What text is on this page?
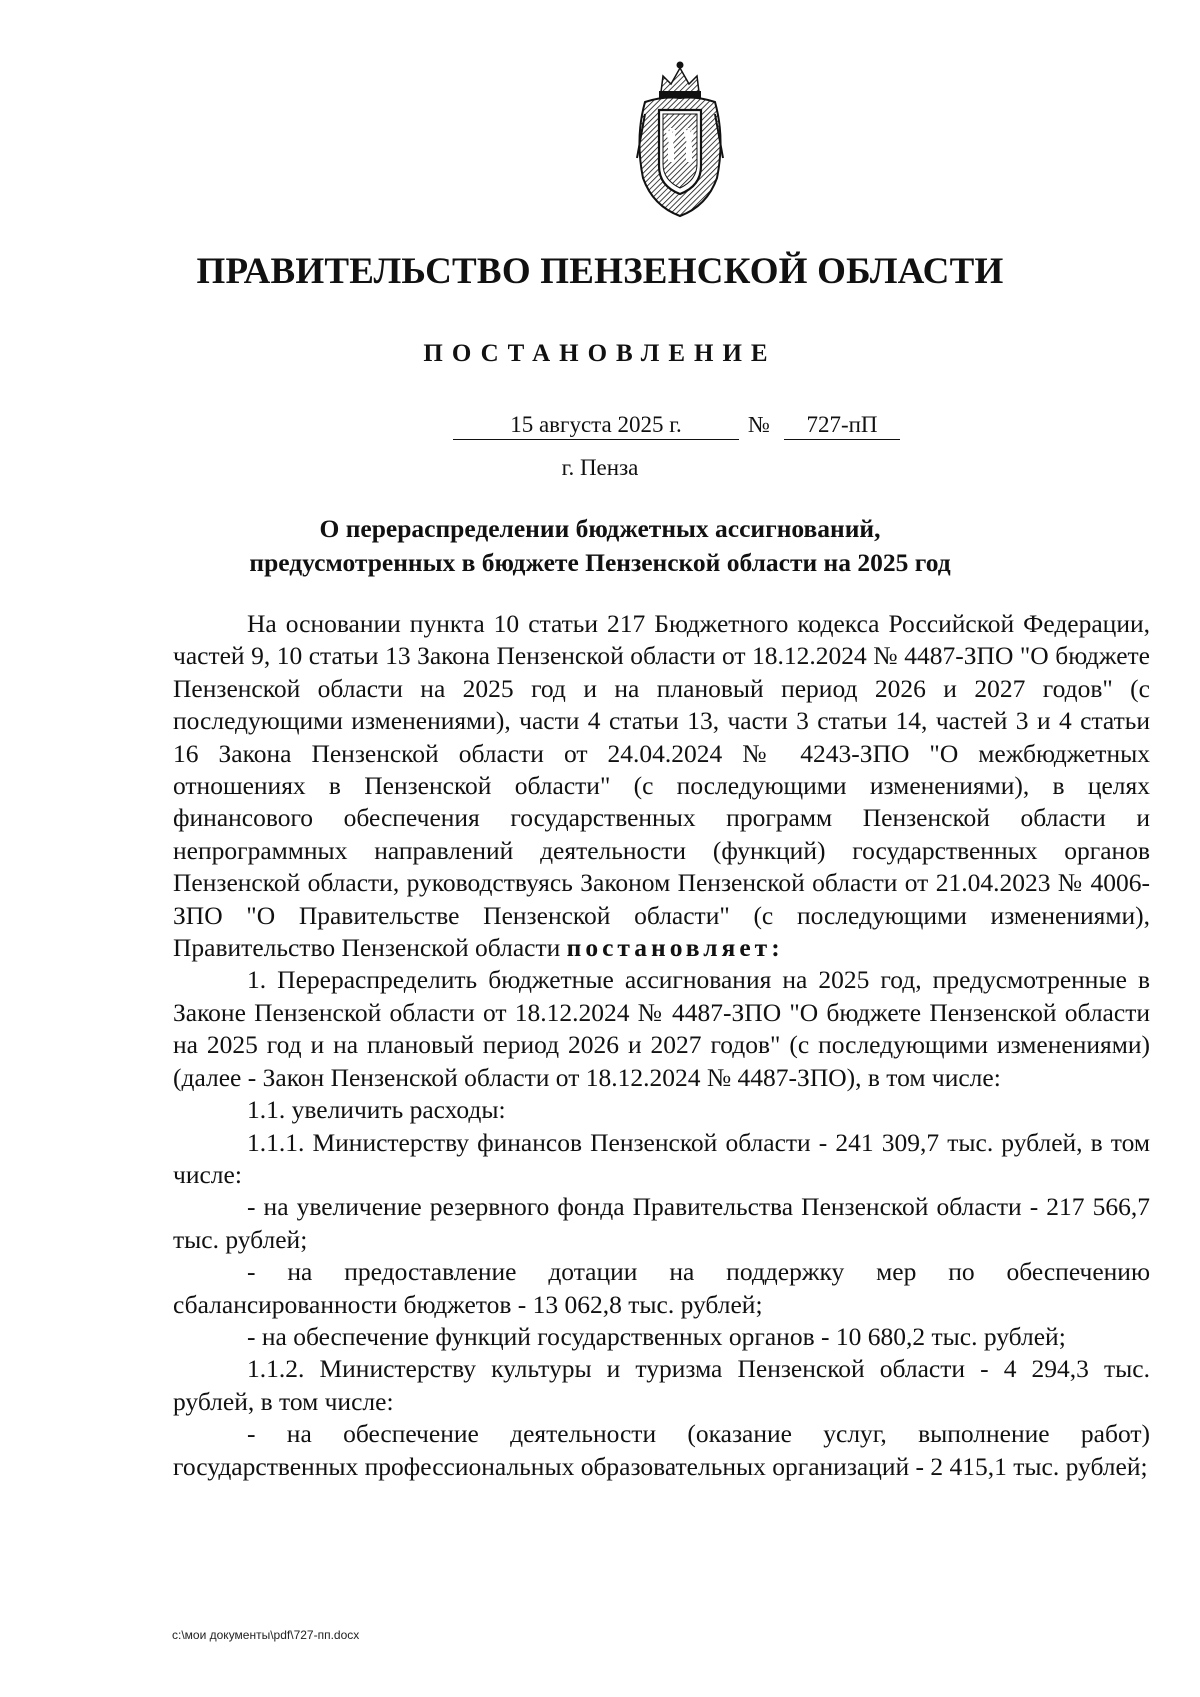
ПРАВИТЕЛЬСТВО ПЕНЗЕНСКОЙ ОБЛАСТИ
ПОСТАНОВЛЕНИЕ
15 августа 2025 г.	№	727-пП
г. Пенза
О перераспределении бюджетных ассигнований,
предусмотренных в бюджете Пензенской области на 2025 год

На основании пункта 10 статьи 217 Бюджетного кодекса Российской Федерации, частей 9, 10 статьи 13 Закона Пензенской области от 18.12.2024 № 4487-ЗПО "О бюджете Пензенской области на 2025 год и на плановый период 2026 и 2027 годов" (с последующими изменениями), части 4 статьи 13, части 3 статьи 14, частей 3 и 4 статьи 16 Закона Пензенской области от 24.04.2024 № 4243-ЗПО "О межбюджетных отношениях в Пензенской области" (с последующими изменениями), в целях финансового обеспечения государственных программ Пензенской области и непрограммных направлений деятельности (функций) государственных органов Пензенской области, руководствуясь Законом Пензенской области от 21.04.2023 № 4006-ЗПО "О Правительстве Пензенской области" (с последующими изменениями), Правительство Пензенской области постановляет:

1. Перераспределить бюджетные ассигнования на 2025 год, предусмотренные в Законе Пензенской области от 18.12.2024 № 4487-ЗПО "О бюджете Пензенской области на 2025 год и на плановый период 2026 и 2027 годов" (с последующими изменениями) (далее - Закон Пензенской области от 18.12.2024 № 4487-ЗПО), в том числе:

1.1. увеличить расходы:

1.1.1. Министерству финансов Пензенской области - 241 309,7 тыс. рублей, в том числе:

- на увеличение резервного фонда Правительства Пензенской области - 217 566,7 тыс. рублей;

- на предоставление дотации на поддержку мер по обеспечению сбалансированности бюджетов - 13 062,8 тыс. рублей;

- на обеспечение функций государственных органов - 10 680,2 тыс. рублей;

1.1.2. Министерству культуры и туризма Пензенской области - 4 294,3 тыс. рублей, в том числе:

- на обеспечение деятельности (оказание услуг, выполнение работ) государственных профессиональных образовательных организаций - 2 415,1 тыс. рублей;

c:\мои документы\pdf\727-пп.docx
